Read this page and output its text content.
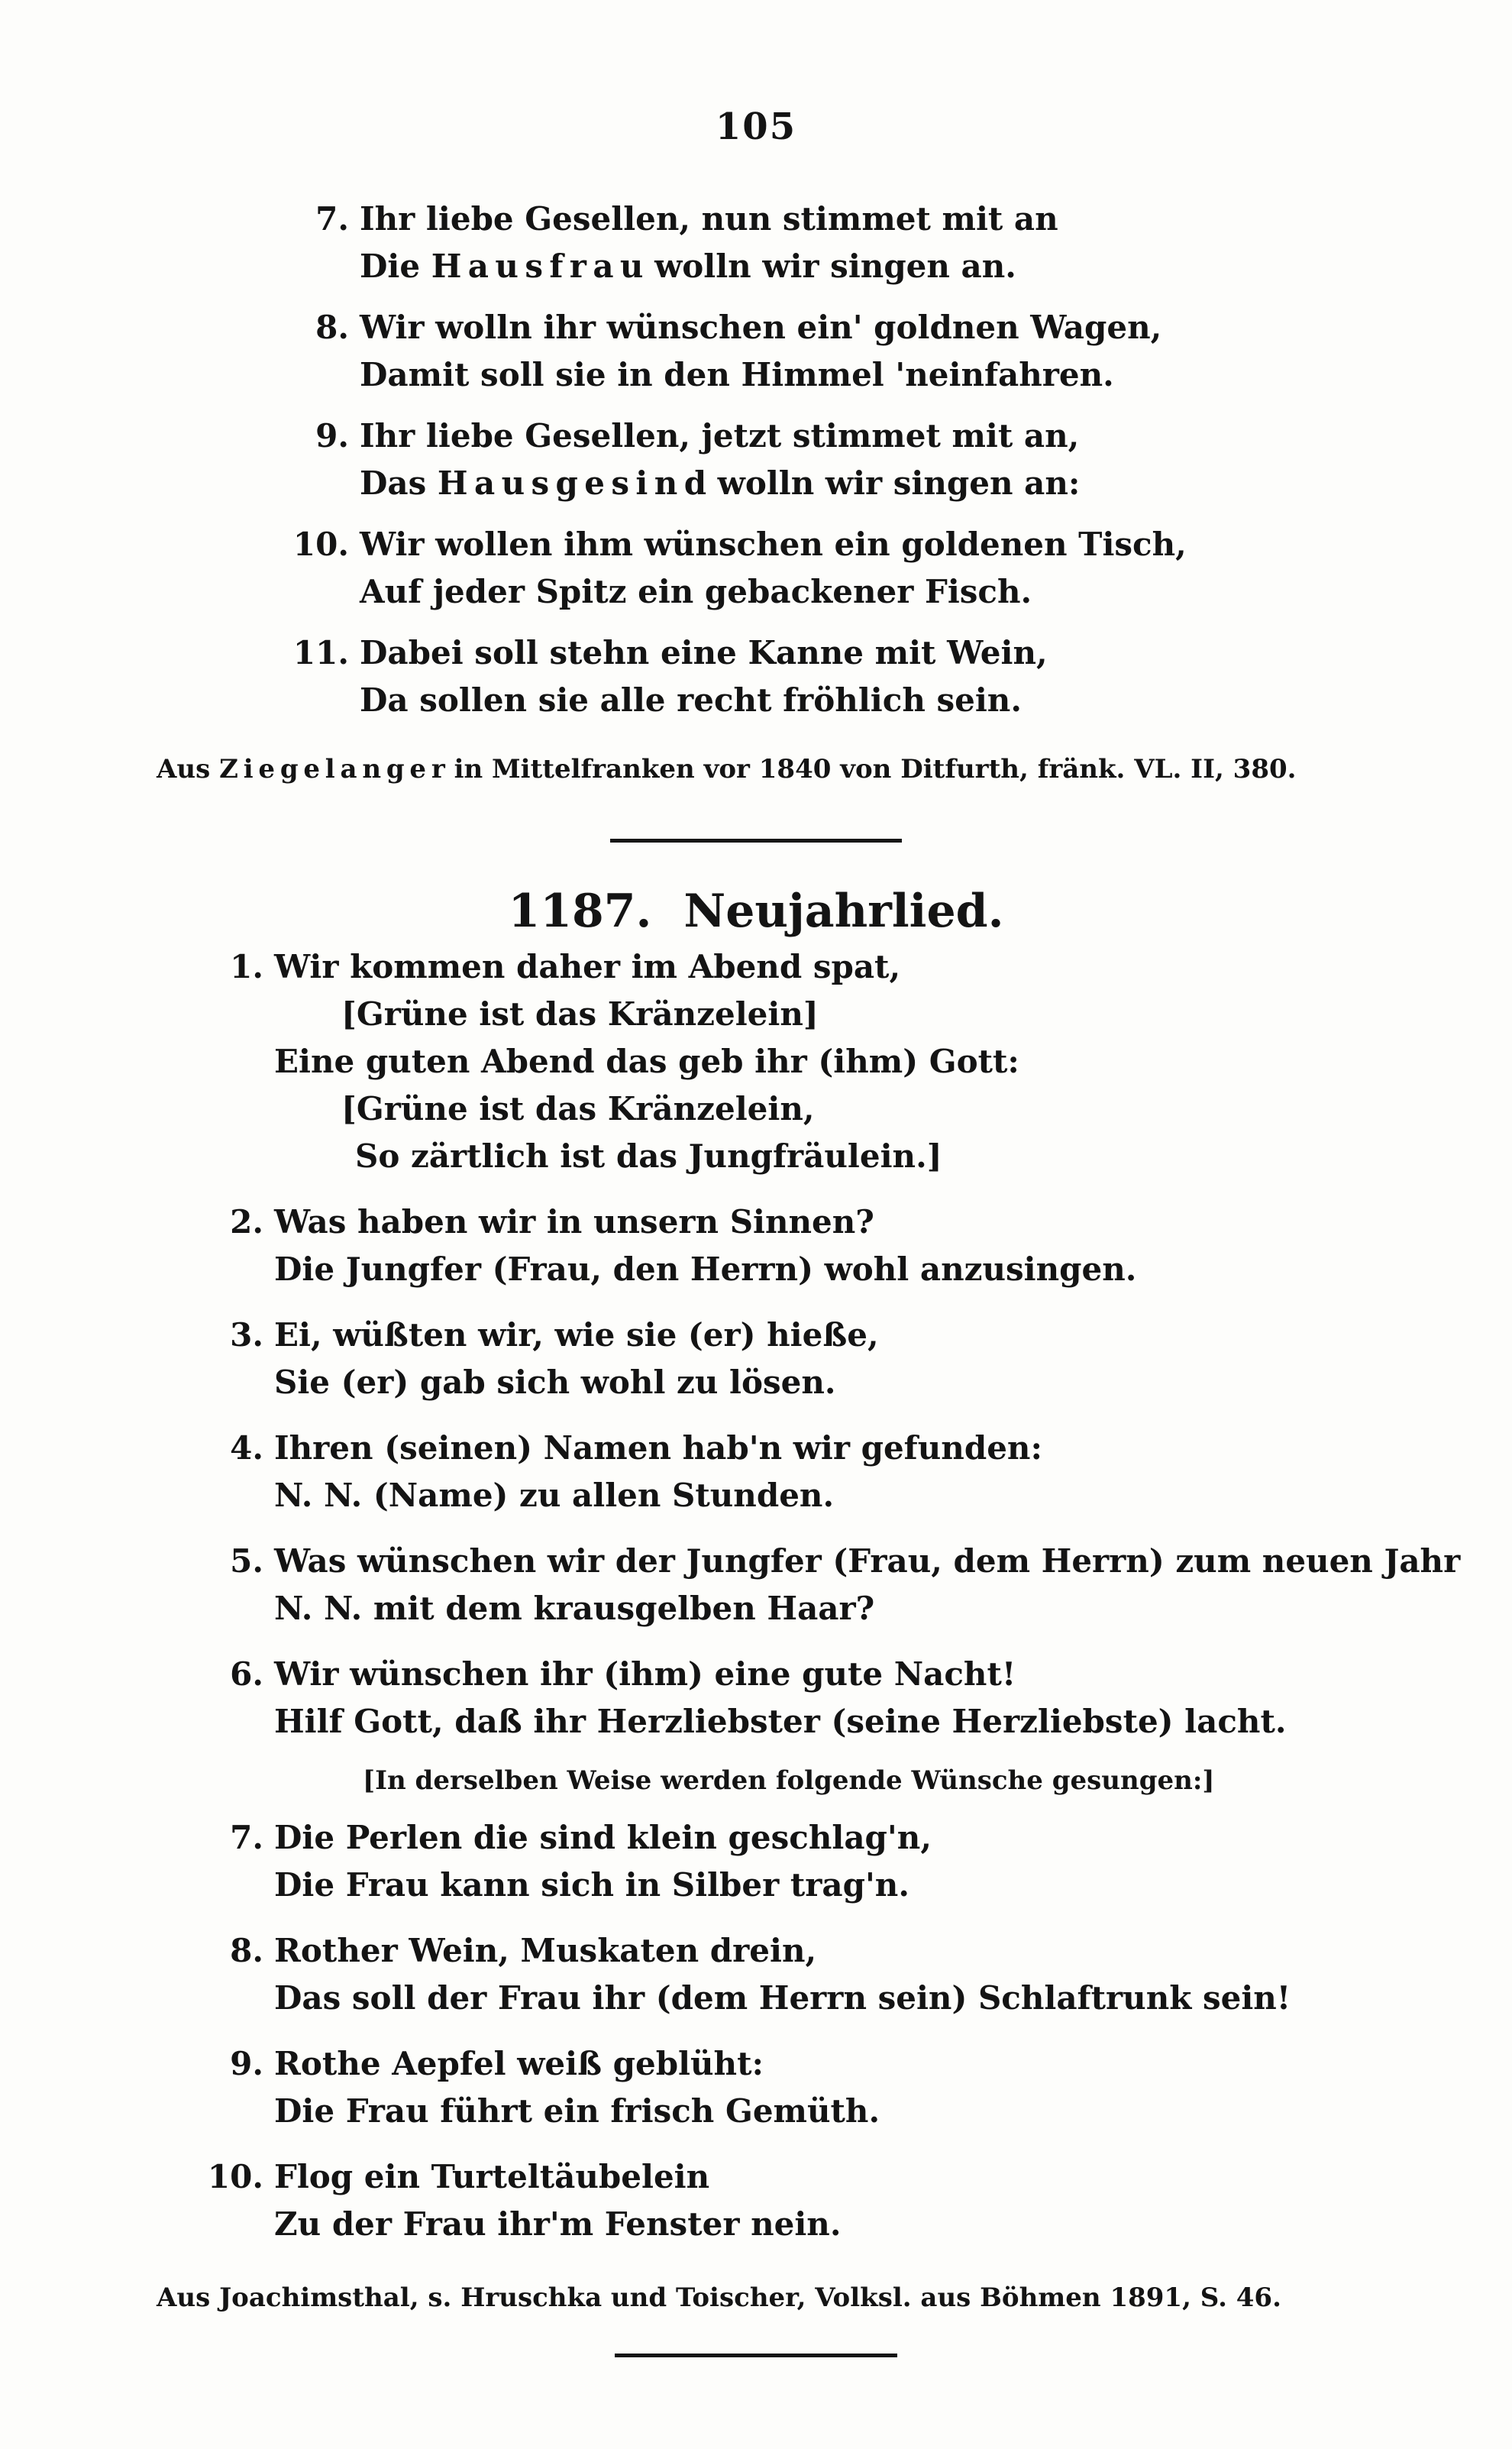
105
7. Ihr liebe Gesellen, nun stimmet mit an
Die H a u s f r a u wolln wir singen an.
8. Wir wolln ihr wünschen ein' goldnen Wagen,
Damit soll sie in den Himmel 'neinfahren.
9. Ihr liebe Gesellen, jetzt stimmet mit an,
Das H a u s g e s i n d wolln wir singen an:
10. Wir wollen ihm wünschen ein goldenen Tisch,
Auf jeder Spitz ein gebackener Fisch.
11. Dabei soll stehn eine Kanne mit Wein,
Da sollen sie alle recht fröhlich sein.
Aus Z i e g e l a n g e r in Mittelfranken vor 1840 von Ditfurth, fränk. VL. II, 380.
1187. Neujahrlied.
1. Wir kommen daher im Abend spat,
[Grüne ist das Kränzelein]
Eine guten Abend das geb ihr (ihm) Gott:
[Grüne ist das Kränzelein,
So zärtlich ist das Jungfräulein.]
2. Was haben wir in unsern Sinnen?
Die Jungfer (Frau, den Herrn) wohl anzusingen.
3. Ei, wüßten wir, wie sie (er) hieße,
Sie (er) gab sich wohl zu lösen.
4. Ihren (seinen) Namen hab'n wir gefunden:
N. N. (Name) zu allen Stunden.
5. Was wünschen wir der Jungfer (Frau, dem Herrn) zum neuen Jahr
N. N. mit dem krausgelben Haar?
6. Wir wünschen ihr (ihm) eine gute Nacht!
Hilf Gott, daß ihr Herzliebster (seine Herzliebste) lacht.
[In derselben Weise werden folgende Wünsche gesungen:]
7. Die Perlen die sind klein geschlag'n,
Die Frau kann sich in Silber trag'n.
8. Rother Wein, Muskaten drein,
Das soll der Frau ihr (dem Herrn sein) Schlaftrunk sein!
9. Rothe Aepfel weiß geblüht:
Die Frau führt ein frisch Gemüth.
10. Flog ein Turteltäubelein
Zu der Frau ihr'm Fenster nein.
Aus Joachimsthal, s. Hruschka und Toischer, Volksl. aus Böhmen 1891, S. 46.
